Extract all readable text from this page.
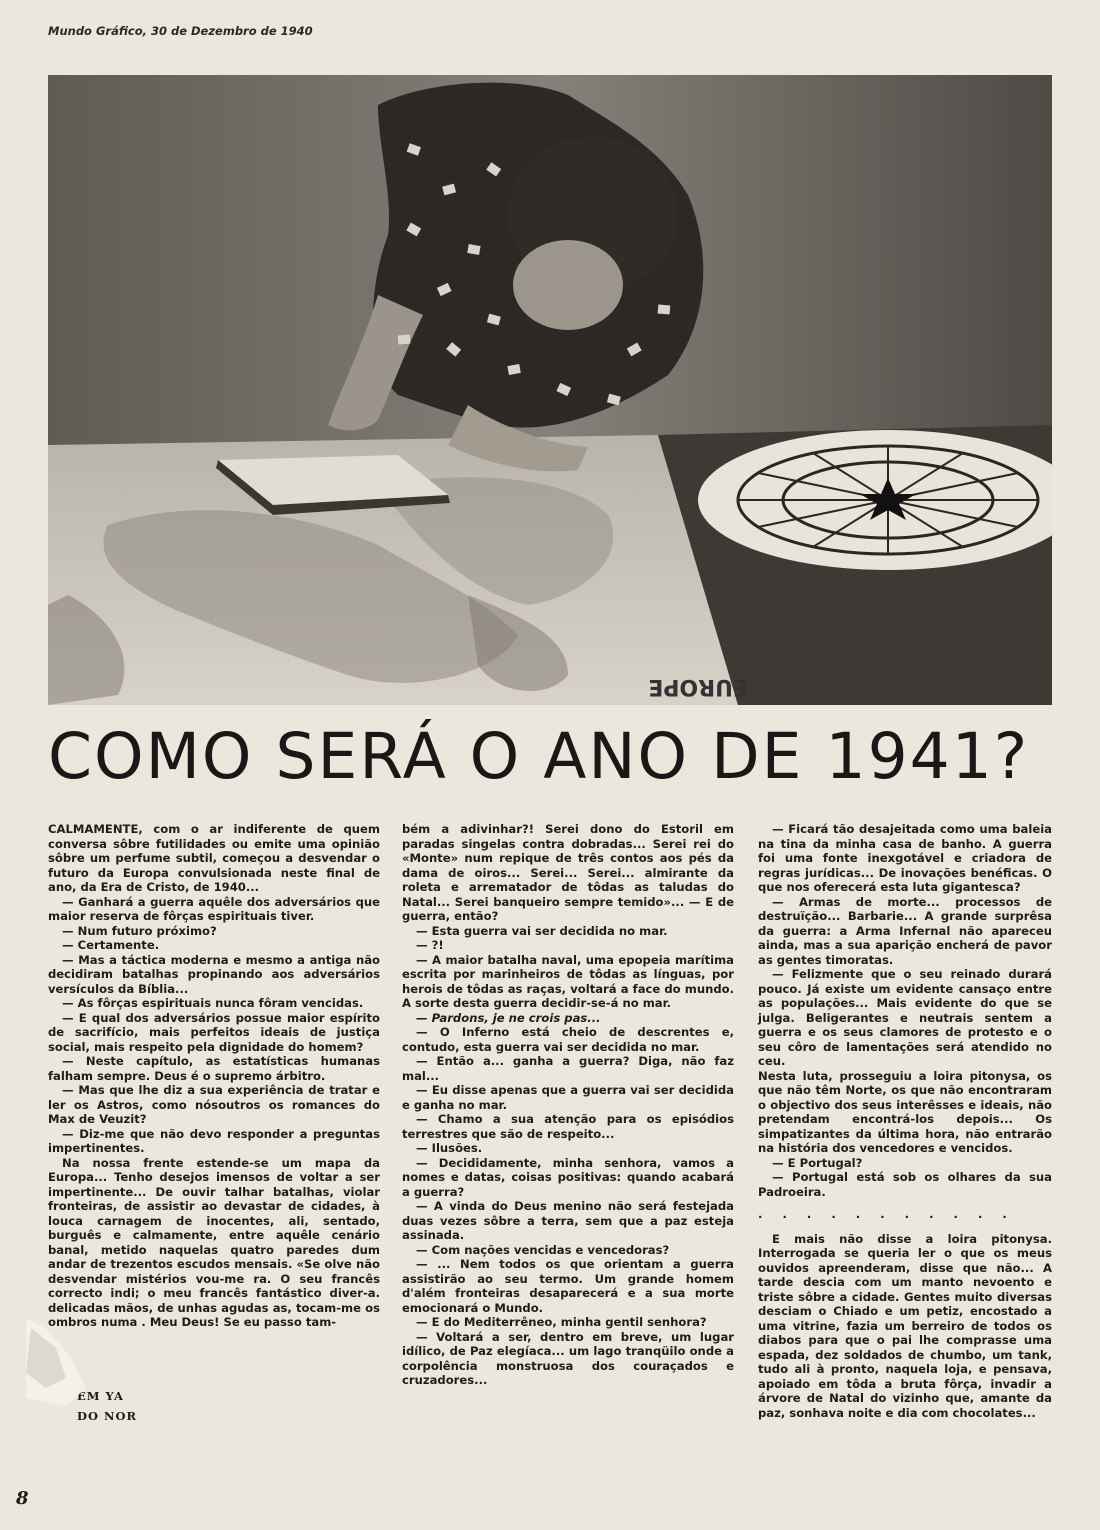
Mundo Gráfico, 30 de Dezembro de 1940
EUROPE
COMO SERÁ O ANO DE 1941?

CALMAMENTE, com o ar indiferente de quem conversa sôbre futilidades ou emite uma opinião sôbre um perfume subtil, começou a desvendar o futuro da Europa convulsionada neste final de ano, da Era de Cristo, de 1940...

— Ganhará a guerra aquêle dos adversários que maior reserva de fôrças espirituais tiver.

— Num futuro próximo?

— Certamente.

— Mas a táctica moderna e mesmo a antiga não decidiram batalhas propinando aos adversários versículos da Bíblia...

— As fôrças espirituais nunca fôram vencidas.

— E qual dos adversários possue maior espírito de sacrifício, mais perfeitos ideais de justiça social, mais respeito pela dignidade do homem?

— Neste capítulo, as estatísticas humanas falham sempre. Deus é o supremo árbitro.

— Mas que lhe diz a sua experiência de tratar e ler os Astros, como nósoutros os romances do Max de Veuzit?

— Diz-me que não devo responder a preguntas impertinentes.

Na nossa frente estende-se um mapa da Europa... Tenho desejos imensos de voltar a ser impertinente... De ouvir talhar batalhas, violar fronteiras, de assistir ao devastar de cidades, à louca carnagem de inocentes, ali, sentado, burguês e calmamente, entre aquêle cenário banal, metido naquelas quatro paredes dum andar de trezentos escudos mensais. «Se olve não desvendar mistérios vou-me ra. O seu francês correcto indi; o meu francês fantástico diver-a. delicadas mãos, de unhas agudas as, tocam-me os ombros numa . Meu Deus! Se eu passo tam-

bém a adivinhar?! Serei dono do Estoril em paradas singelas contra dobradas... Serei rei do «Monte» num repique de três contos aos pés da dama de oiros... Serei... Serei... almirante da roleta e arrematador de tôdas as taludas do Natal... Serei banqueiro sempre temido»... — E de guerra, então?

— Esta guerra vai ser decidida no mar.

— ?!

— A maior batalha naval, uma epopeia marítima escrita por marinheiros de tôdas as línguas, por herois de tôdas as raças, voltará a face do mundo. A sorte desta guerra decidir-se-á no mar.

— Pardons, je ne crois pas...

— O Inferno está cheio de descrentes e, contudo, esta guerra vai ser decidida no mar.

— Então a... ganha a guerra? Diga, não faz mal...

— Eu disse apenas que a guerra vai ser decidida e ganha no mar.

— Chamo a sua atenção para os episódios terrestres que são de respeito...

— Ilusões.

— Decididamente, minha senhora, vamos a nomes e datas, coisas positivas: quando acabará a guerra?

— A vinda do Deus menino não será festejada duas vezes sôbre a terra, sem que a paz esteja assinada.

— Com nações vencidas e vencedoras?

— ... Nem todos os que orientam a guerra assistirão ao seu termo. Um grande homem d'além fronteiras desaparecerá e a sua morte emocionará o Mundo.

— E do Mediterrêneo, minha gentil senhora?

— Voltará a ser, dentro em breve, um lugar idílico, de Paz elegíaca... um lago tranqüilo onde a corpolência monstruosa dos couraçados e cruzadores...

— Ficará tão desajeitada como uma baleia na tina da minha casa de banho. A guerra foi uma fonte inexgotável e criadora de regras jurídicas... De inovações benéficas. O que nos oferecerá esta luta gigantesca?

— Armas de morte... processos de destruïção... Barbarie... A grande surprêsa da guerra: a Arma Infernal não apareceu ainda, mas a sua aparição encherá de pavor as gentes timoratas.

— Felizmente que o seu reinado durará pouco. Já existe um evidente cansaço entre as populações... Mais evidente do que se julga. Beligerantes e neutrais sentem a guerra e os seus clamores de protesto e o seu côro de lamentações será atendido no ceu.

Nesta luta, prosseguiu a loira pitonysa, os que não têm Norte, os que não encontraram o objectivo dos seus interêsses e ideais, não pretendam encontrá-los depois... Os simpatizantes da última hora, não entrarão na história dos vencedores e vencidos.

— E Portugal?

— Portugal está sob os olhares da sua Padroeira.

. . . . . . . . . . .

E mais não disse a loira pitonysa. Interrogada se queria ler o que os meus ouvidos apreenderam, disse que não... A tarde descia com um manto nevoento e triste sôbre a cidade. Gentes muito diversas desciam o Chiado e um petiz, encostado a uma vitrine, fazia um berreiro de todos os diabos para que o pai lhe comprasse uma espada, dez soldados de chumbo, um tank, tudo ali à pronto, naquela loja, e pensava, apoiado em tôda a bruta fôrça, invadir a árvore de Natal do vizinho que, amante da paz, sonhava noite e dia com chocolates...

EM YA
DO NOR
8
